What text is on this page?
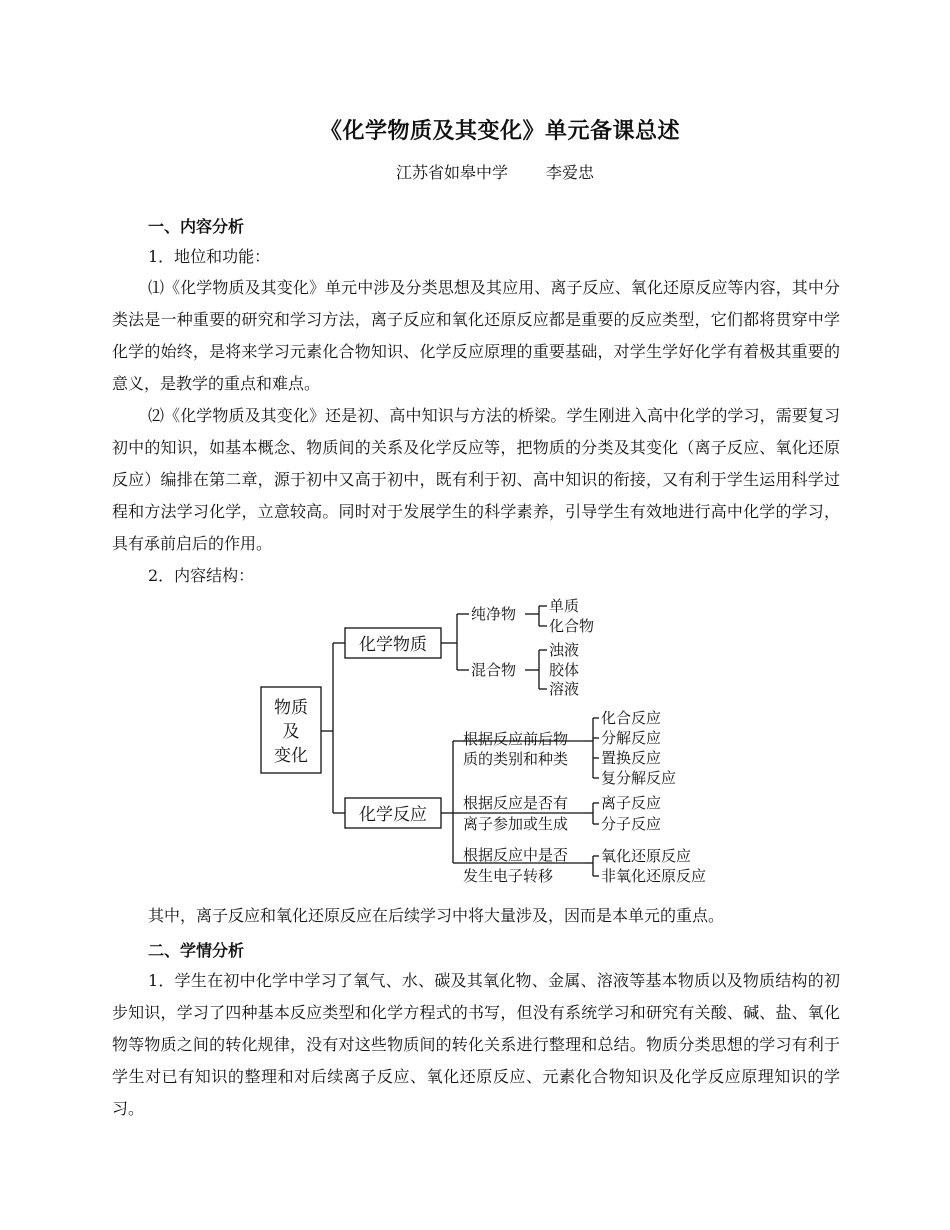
《化学物质及其变化》单元备课总述
江苏省如皋中学 李爱忠
一、内容分析
1．地位和功能：
⑴《化学物质及其变化》单元中涉及分类思想及其应用、离子反应、氧化还原反应等内容，其中分类法是一种重要的研究和学习方法，离子反应和氧化还原反应都是重要的反应类型，它们都将贯穿中学化学的始终，是将来学习元素化合物知识、化学反应原理的重要基础，对学生学好化学有着极其重要的意义，是教学的重点和难点。
⑵《化学物质及其变化》还是初、高中知识与方法的桥梁。学生刚进入高中化学的学习，需要复习初中的知识，如基本概念、物质间的关系及化学反应等，把物质的分类及其变化（离子反应、氧化还原反应）编排在第二章，源于初中又高于初中，既有利于初、高中知识的衔接，又有利于学生运用科学过程和方法学习化学，立意较高。同时对于发展学生的科学素养，引导学生有效地进行高中化学的学习，具有承前启后的作用。
2．内容结构：
物质
及
变化
化学物质
化学反应
纯净物
混合物
单质
化合物
浊液
胶体
溶液
根据反应前后物
质的类别和种类
化合反应
分解反应
置换反应
复分解反应
根据反应是否有
离子参加或生成
离子反应
分子反应
根据反应中是否
发生电子转移
氧化还原反应
非氧化还原反应
其中，离子反应和氧化还原反应在后续学习中将大量涉及，因而是本单元的重点。
二、学情分析
1．学生在初中化学中学习了氧气、水、碳及其氧化物、金属、溶液等基本物质以及物质结构的初步知识，学习了四种基本反应类型和化学方程式的书写，但没有系统学习和研究有关酸、碱、盐、氧化物等物质之间的转化规律，没有对这些物质间的转化关系进行整理和总结。物质分类思想的学习有利于学生对已有知识的整理和对后续离子反应、氧化还原反应、元素化合物知识及化学反应原理知识的学习。
